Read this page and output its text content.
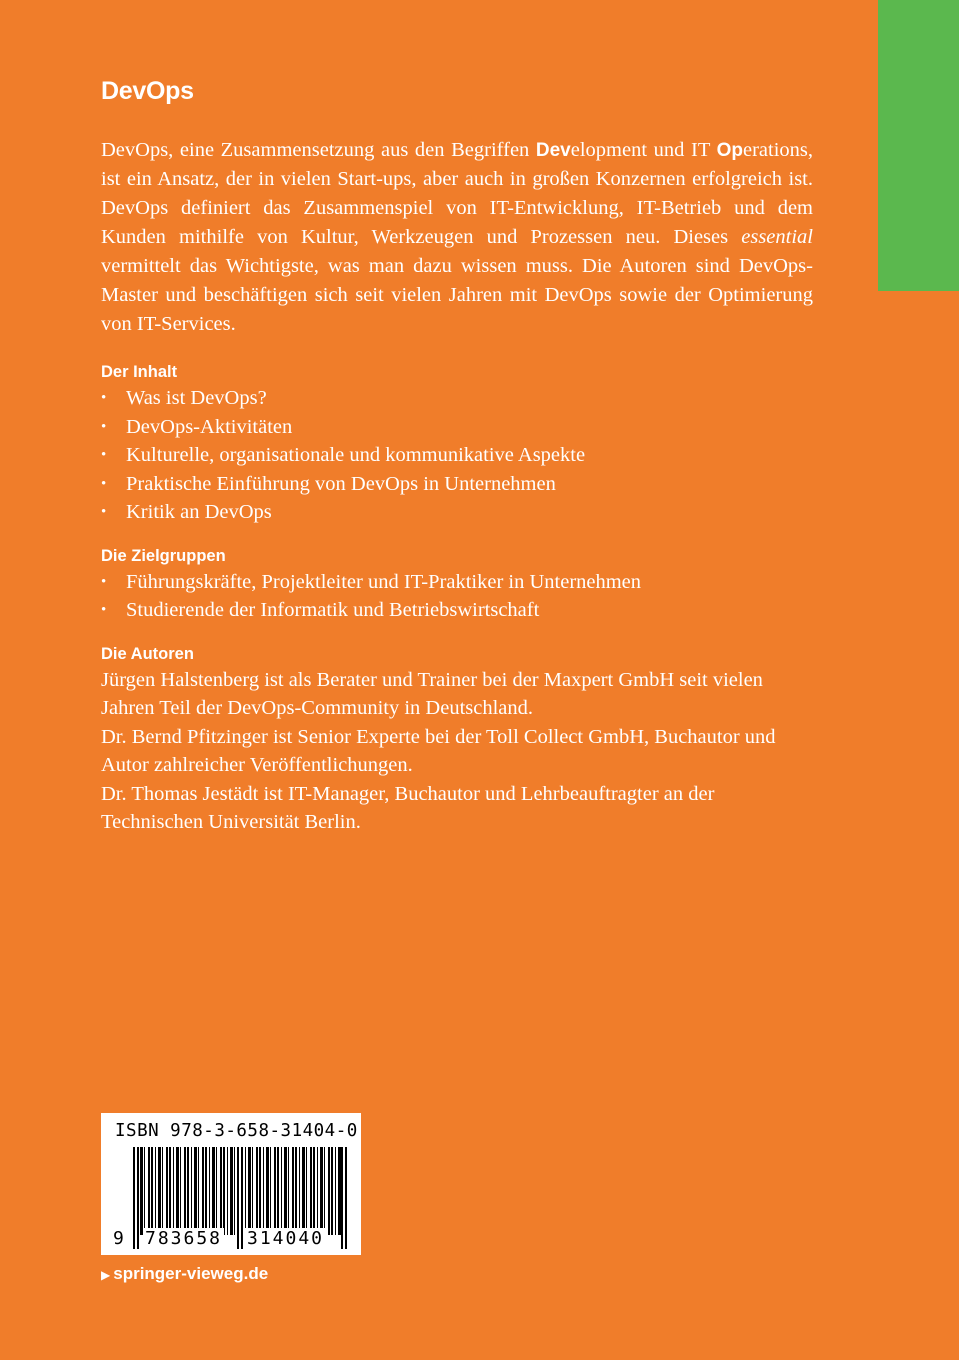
DevOps

DevOps, eine Zusammensetzung aus den Begriffen Development und IT Operations, ist ein Ansatz, der in vielen Start-ups, aber auch in großen Konzernen erfolgreich ist. DevOps definiert das Zusammenspiel von IT-Entwicklung, IT-Betrieb und dem Kunden mithilfe von Kultur, Werkzeugen und Prozessen neu. Dieses essential vermittelt das Wichtigste, was man dazu wissen muss. Die Autoren sind DevOps-Master und beschäftigen sich seit vielen Jahren mit DevOps sowie der Optimierung von IT-Services.

Der Inhalt
• Was ist DevOps?
• DevOps-Aktivitäten
• Kulturelle, organisationale und kommunikative Aspekte
• Praktische Einführung von DevOps in Unternehmen
• Kritik an DevOps
Die Zielgruppen
• Führungskräfte, Projektleiter und IT-Praktiker in Unternehmen
• Studierende der Informatik und Betriebswirtschaft
Die Autoren

Jürgen Halstenberg ist als Berater und Trainer bei der Maxpert GmbH seit vielen Jahren Teil der DevOps-Community in Deutschland.

Dr. Bernd Pfitzinger ist Senior Experte bei der Toll Collect GmbH, Buchautor und Autor zahlreicher Veröffentlichungen.

Dr. Thomas Jestädt ist IT-Manager, Buchautor und Lehrbeauftragter an der Technischen Universität Berlin.

ISBN 978-3-658-31404-0
9 783658 314040
▶ springer-vieweg.de
